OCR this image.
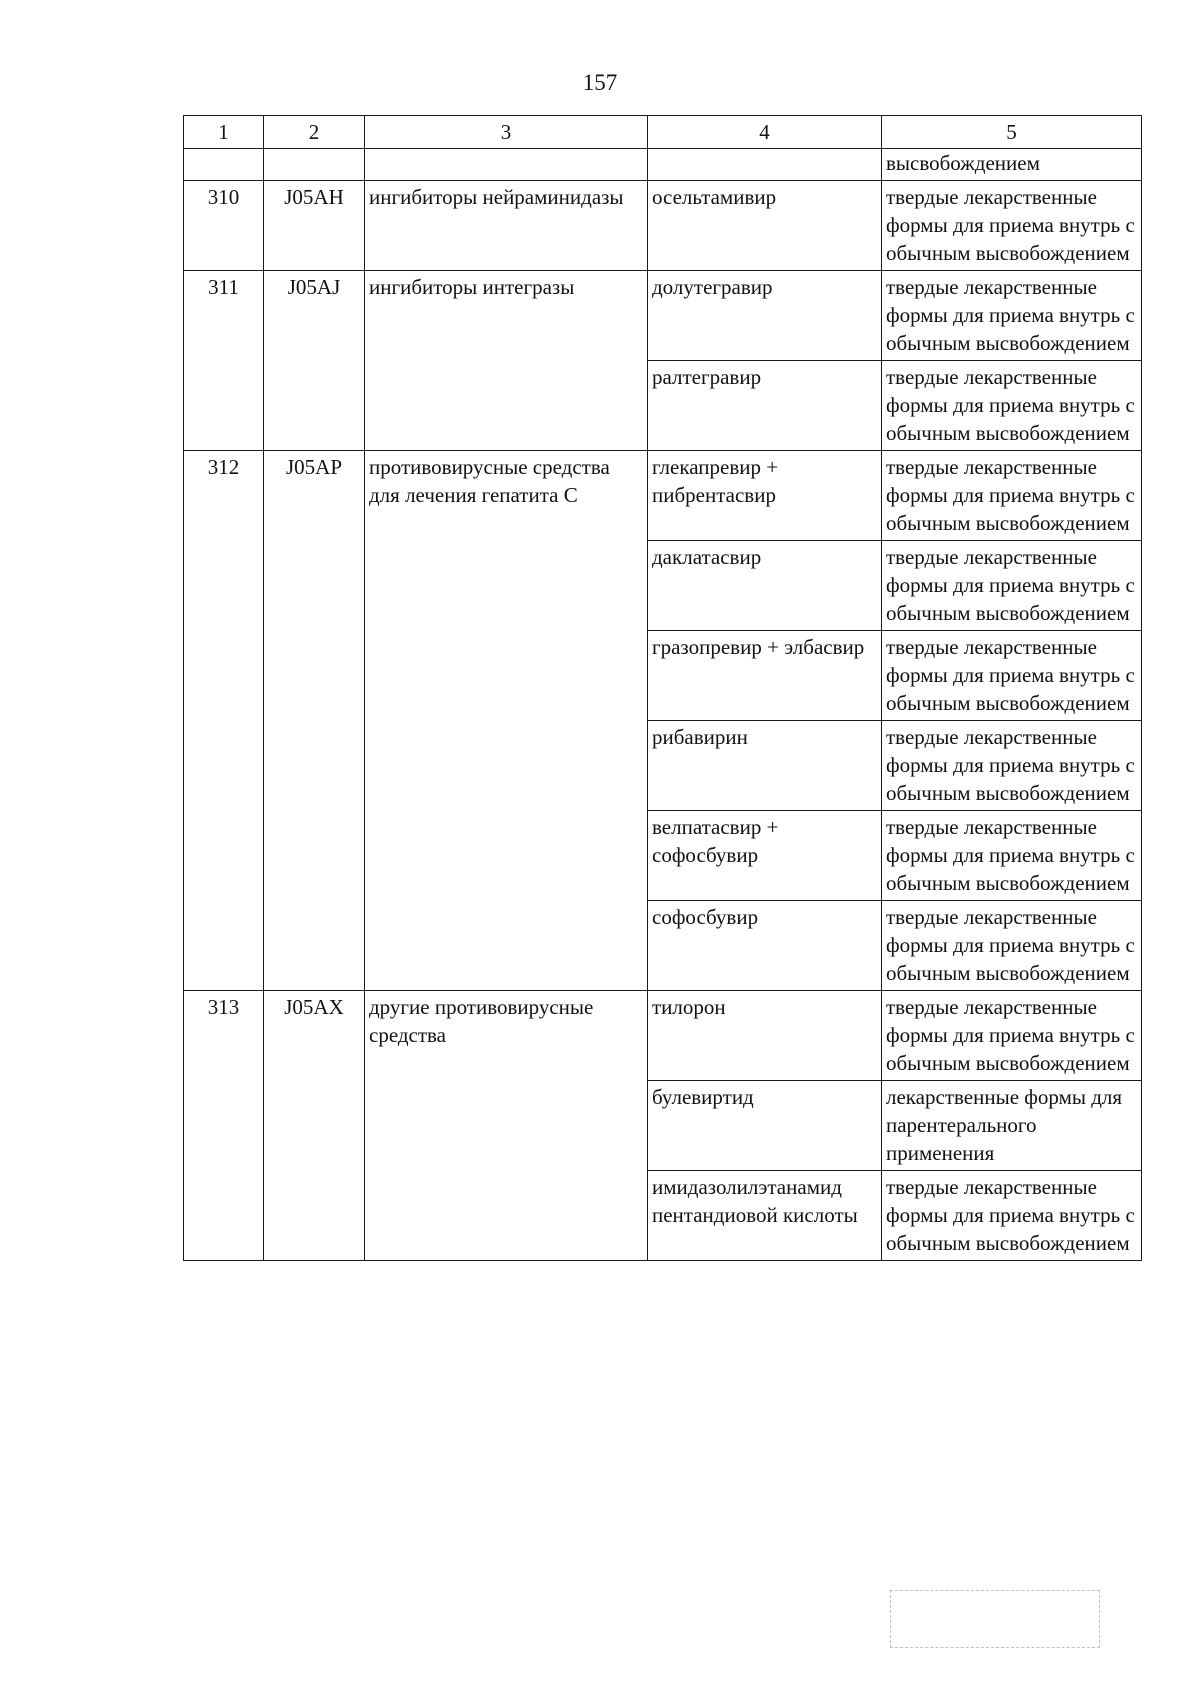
157
1	2	3	4	5
				высвобождением
310	J05AH	ингибиторы нейраминидазы	осельтамивир	твердые лекарственные формы для приема внутрь с обычным высвобождением
311	J05AJ	ингибиторы интегразы	долутегравир	твердые лекарственные формы для приема внутрь с обычным высвобождением
			ралтегравир	твердые лекарственные формы для приема внутрь с обычным высвобождением
312	J05AP	противовирусные средства для лечения гепатита C	глекапревир + пибрентасвир	твердые лекарственные формы для приема внутрь с обычным высвобождением
			даклатасвир	твердые лекарственные формы для приема внутрь с обычным высвобождением
			гразопревир + элбасвир	твердые лекарственные формы для приема внутрь с обычным высвобождением
			рибавирин	твердые лекарственные формы для приема внутрь с обычным высвобождением
			велпатасвир + софосбувир	твердые лекарственные формы для приема внутрь с обычным высвобождением
			софосбувир	твердые лекарственные формы для приема внутрь с обычным высвобождением
313	J05AX	другие противовирусные средства	тилорон	твердые лекарственные формы для приема внутрь с обычным высвобождением
			булевиртид	лекарственные формы для парентерального применения
			имидазолилэтанамид пентандиовой кислоты	твердые лекарственные формы для приема внутрь с обычным высвобождением
